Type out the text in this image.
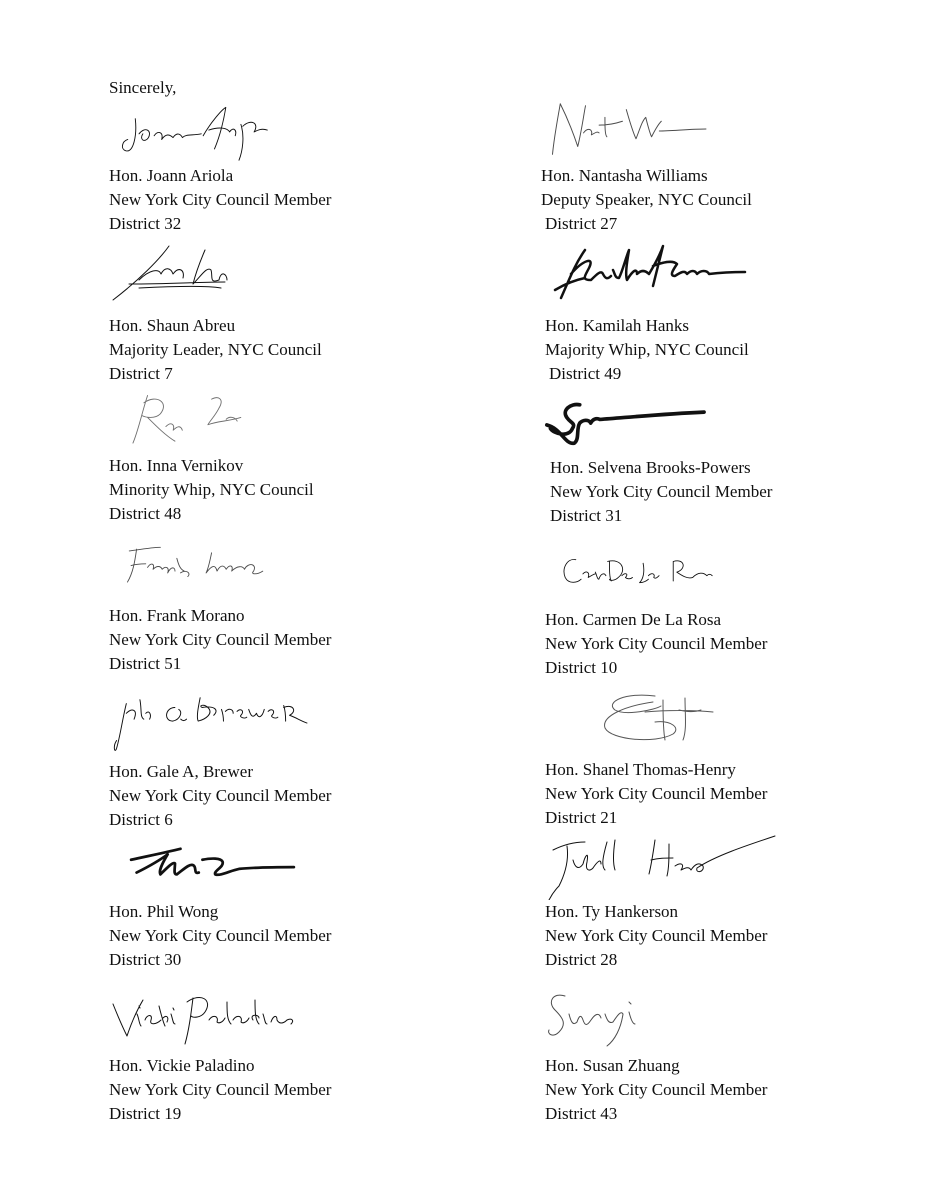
Sincerely,
Hon. Joann Ariola
New York City Council Member
District 32
Hon. Shaun Abreu
Majority Leader, NYC Council
District 7
Hon. Inna Vernikov
Minority Whip, NYC Council
District 48
Hon. Frank Morano
New York City Council Member
District 51
Hon. Gale A, Brewer
New York City Council Member
District 6
Hon. Phil Wong
New York City Council Member
District 30
Hon. Vickie Paladino
New York City Council Member
District 19
Hon. Nantasha Williams
Deputy Speaker, NYC Council
District 27
Hon. Kamilah Hanks
Majority Whip, NYC Council
District 49
Hon. Selvena Brooks-Powers
New York City Council Member
District 31
Hon. Carmen De La Rosa
New York City Council Member
District 10
Hon. Shanel Thomas-Henry
New York City Council Member
District 21
Hon. Ty Hankerson
New York City Council Member
District 28
Hon. Susan Zhuang
New York City Council Member
District 43
